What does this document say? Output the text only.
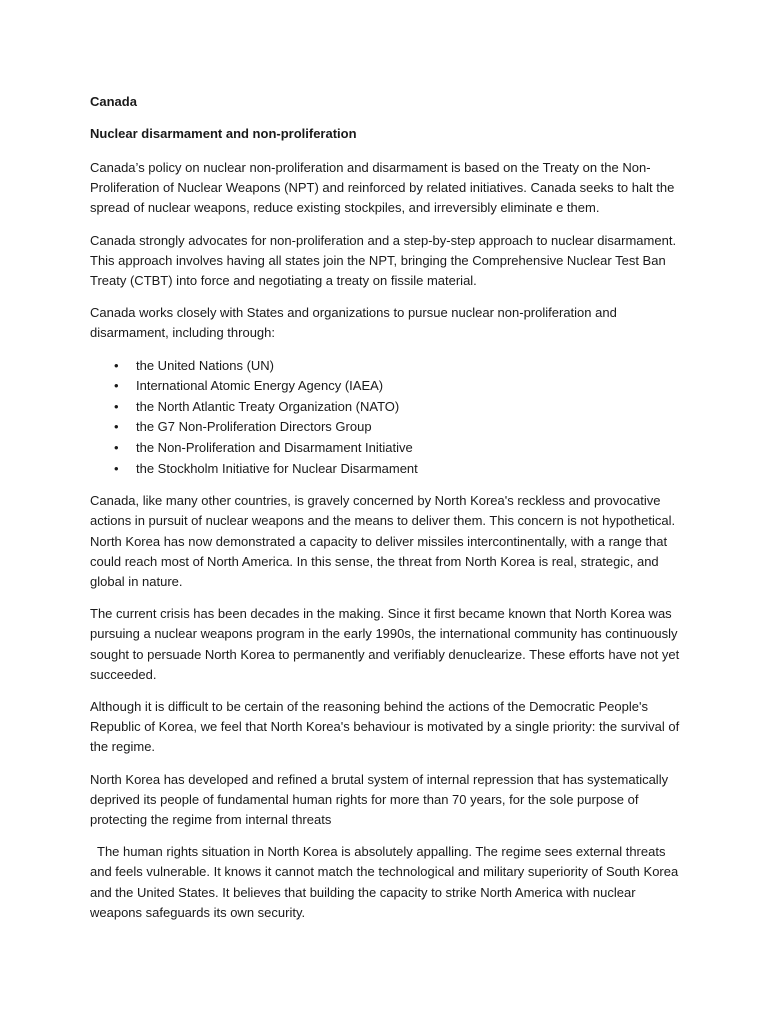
Canada
Nuclear disarmament and non-proliferation

Canada’s policy on nuclear non-proliferation and disarmament is based on the Treaty on the Non-Proliferation of Nuclear Weapons (NPT) and reinforced by related initiatives. Canada seeks to halt the spread of nuclear weapons, reduce existing stockpiles, and irreversibly eliminate e them.

Canada strongly advocates for non-proliferation and a step-by-step approach to nuclear disarmament. This approach involves having all states join the NPT, bringing the Comprehensive Nuclear Test Ban Treaty (CTBT) into force and negotiating a treaty on fissile material.

Canada works closely with States and organizations to pursue nuclear non-proliferation and disarmament, including through:

• the United Nations (UN)
• International Atomic Energy Agency (IAEA)
• the North Atlantic Treaty Organization (NATO)
• the G7 Non-Proliferation Directors Group
• the Non-Proliferation and Disarmament Initiative
• the Stockholm Initiative for Nuclear Disarmament

Canada, like many other countries, is gravely concerned by North Korea's reckless and provocative actions in pursuit of nuclear weapons and the means to deliver them. This concern is not hypothetical. North Korea has now demonstrated a capacity to deliver missiles intercontinentally, with a range that could reach most of North America. In this sense, the threat from North Korea is real, strategic, and global in nature.

The current crisis has been decades in the making. Since it first became known that North Korea was pursuing a nuclear weapons program in the early 1990s, the international community has continuously sought to persuade North Korea to permanently and verifiably denuclearize. These efforts have not yet succeeded.

Although it is difficult to be certain of the reasoning behind the actions of the Democratic People's Republic of Korea, we feel that North Korea's behaviour is motivated by a single priority: the survival of the regime.

North Korea has developed and refined a brutal system of internal repression that has systematically deprived its people of fundamental human rights for more than 70 years, for the sole purpose of protecting the regime from internal threats

The human rights situation in North Korea is absolutely appalling. The regime sees external threats and feels vulnerable. It knows it cannot match the technological and military superiority of South Korea and the United States. It believes that building the capacity to strike North America with nuclear weapons safeguards its own security.
